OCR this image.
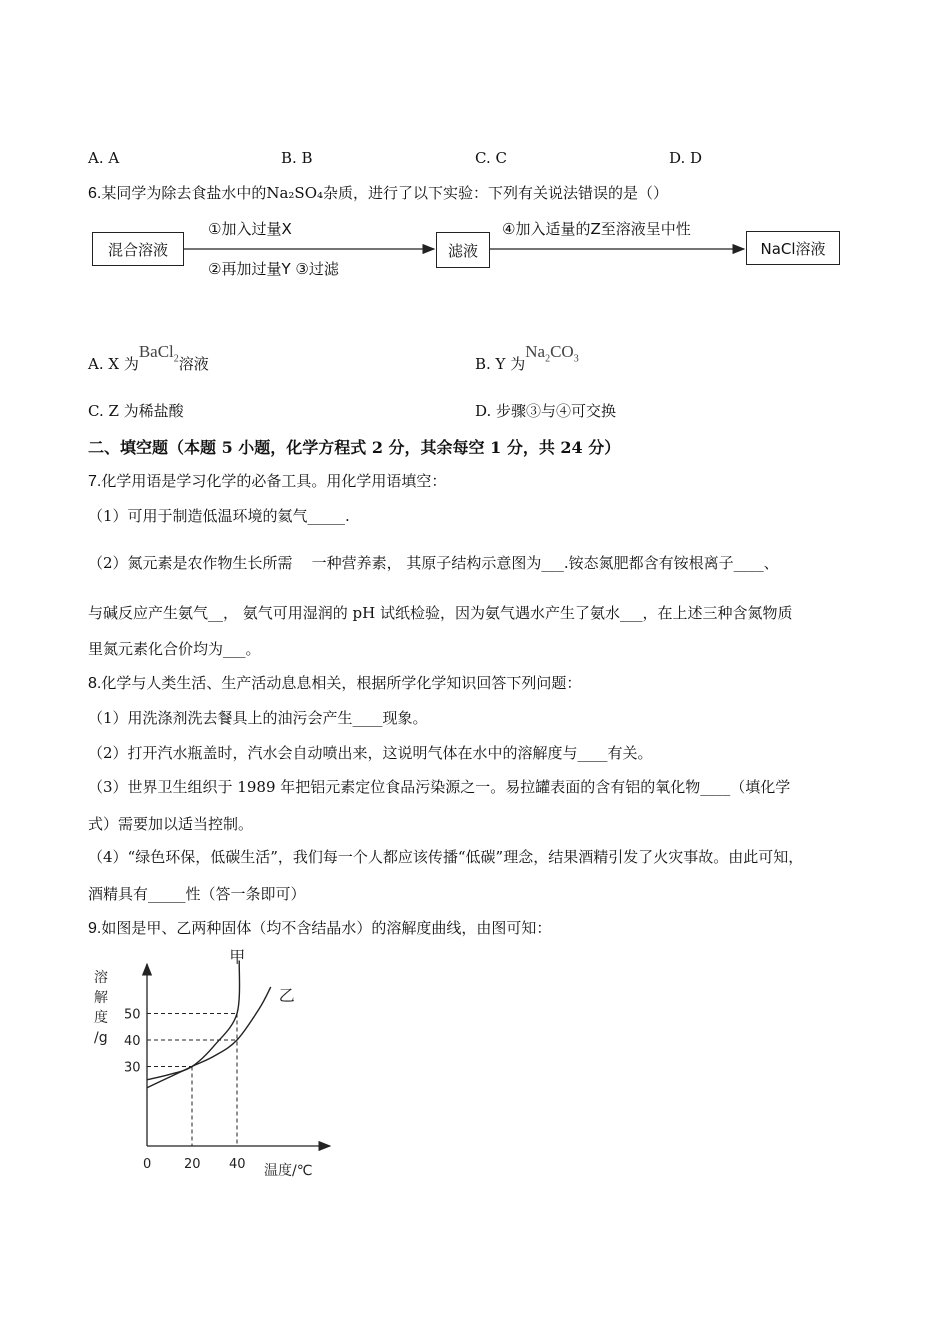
A. A	B. B	C. C	D. D
6.某同学为除去食盐水中的Na₂SO₄杂质，进行了以下实验：下列有关说法错误的是（）
混合溶液
①加入过量X
②再加过量Y ③过滤
滤液
④加入适量的Z至溶液呈中性
NaCl溶液
A. X 为BaCl$_2$溶液	B. Y 为$Na_2CO_3$
C. Z 为稀盐酸	D. 步骤③与④可交换
二、填空题（本题 5 小题，化学方程式 2 分，其余每空 1 分，共 24 分）
7.化学用语是学习化学的必备工具。用化学用语填空：
（1）可用于制造低温环境的氦气_____.
（2）氮元素是农作物生长所需    一种营养素， 其原子结构示意图为___.铵态氮肥都含有铵根离子____、
与碱反应产生氨气__， 氨气可用湿润的 pH 试纸检验，因为氨气遇水产生了氨水___，在上述三种含氮物质
里氮元素化合价均为___。
8.化学与人类生活、生产活动息息相关，根据所学化学知识回答下列问题：
（1）用洗涤剂洗去餐具上的油污会产生____现象。
（2）打开汽水瓶盖时，汽水会自动喷出来，这说明气体在水中的溶解度与____有关。
（3）世界卫生组织于 1989 年把铝元素定位食品污染源之一。易拉罐表面的含有铝的氧化物____（填化学
式）需要加以适当控制。
（4）“绿色环保，低碳生活”，我们每一个人都应该传播“低碳”理念，结果酒精引发了火灾事故。由此可知，
酒精具有_____性（答一条即可）
9.如图是甲、乙两种固体（均不含结晶水）的溶解度曲线，由图可知：
溶
解
度
/g
温度/℃
50
40
30
0	20 40
甲
乙
